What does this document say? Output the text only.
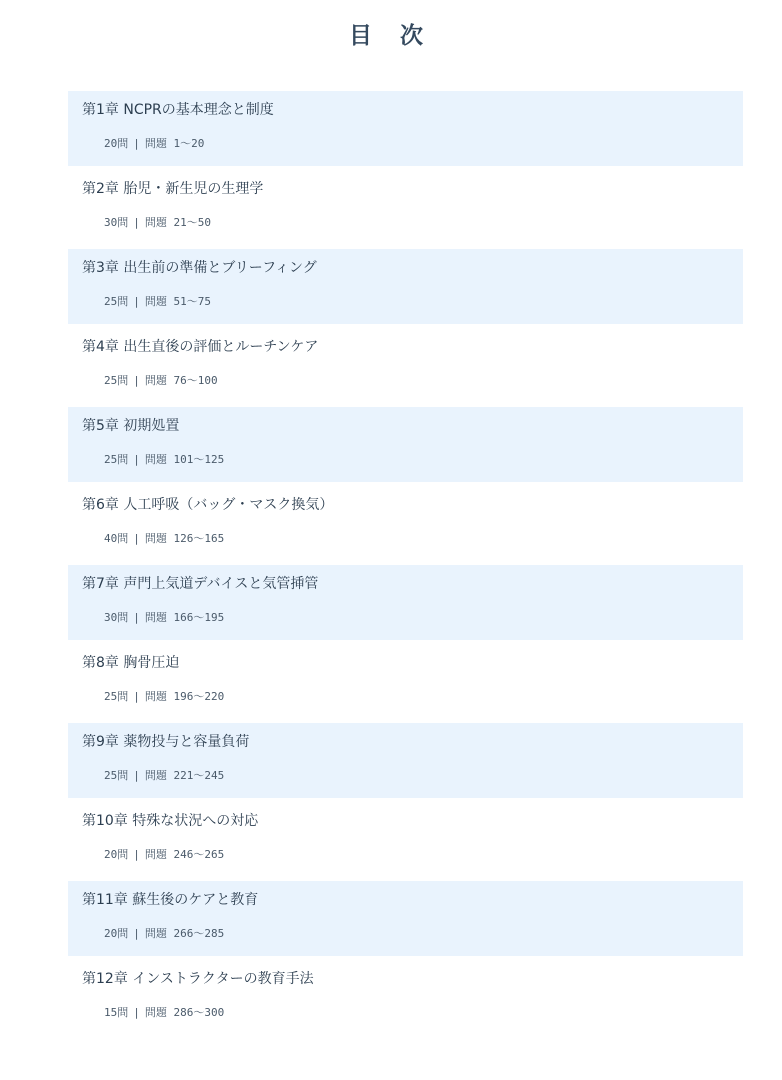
目 次
第1章 NCPRの基本理念と制度
20問 | 問題 1〜20
第2章 胎児・新生児の生理学
30問 | 問題 21〜50
第3章 出生前の準備とブリーフィング
25問 | 問題 51〜75
第4章 出生直後の評価とルーチンケア
25問 | 問題 76〜100
第5章 初期処置
25問 | 問題 101〜125
第6章 人工呼吸（バッグ・マスク換気）
40問 | 問題 126〜165
第7章 声門上気道デバイスと気管挿管
30問 | 問題 166〜195
第8章 胸骨圧迫
25問 | 問題 196〜220
第9章 薬物投与と容量負荷
25問 | 問題 221〜245
第10章 特殊な状況への対応
20問 | 問題 246〜265
第11章 蘇生後のケアと教育
20問 | 問題 266〜285
第12章 インストラクターの教育手法
15問 | 問題 286〜300
